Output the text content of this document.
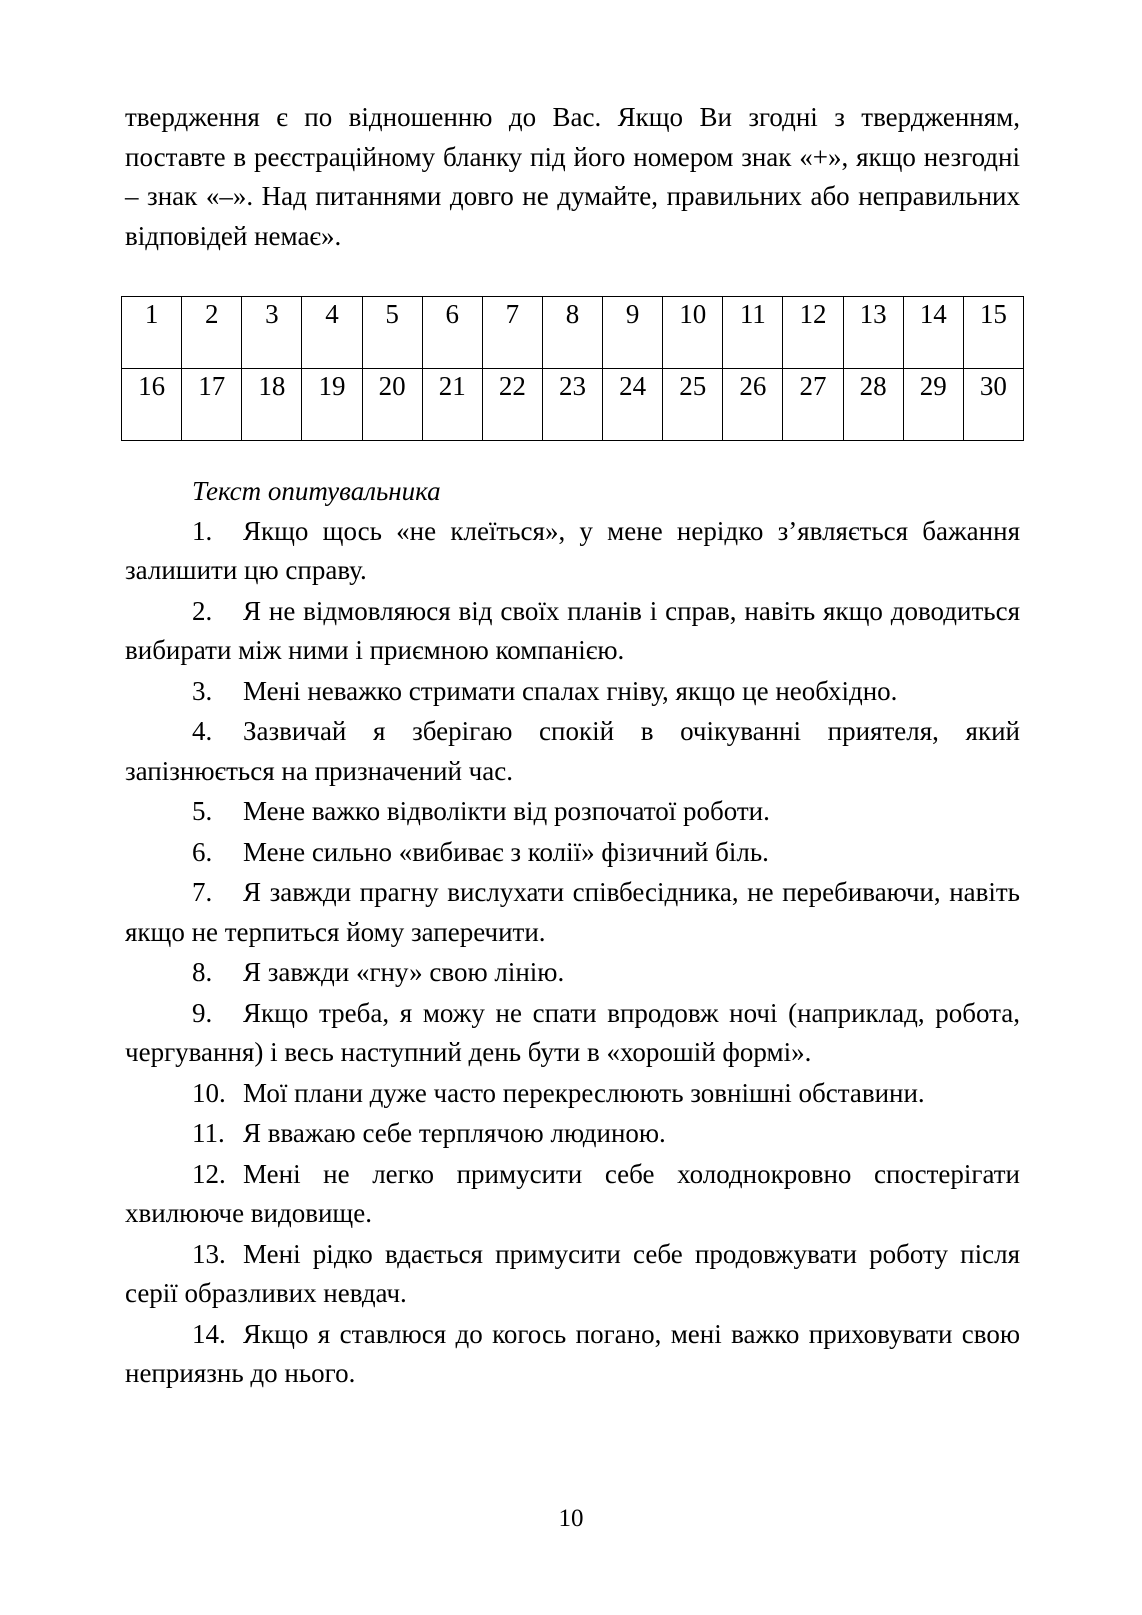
твердження є по відношенню до Вас. Якщо Ви згодні з твердженням, поставте в реєстраційному бланку під його номером знак «+», якщо незгодні – знак «–». Над питаннями довго не думайте, правильних або неправильних відповідей немає».

1	2	3	4	5	6	7	8	9	10	11	12	13	14	15
16	17	18	19	20	21	22	23	24	25	26	27	28	29	30

Текст опитувальника

1. Якщо щось «не клеїться», у мене нерідко з’являється бажання залишити цю справу.

2. Я не відмовляюся від своїх планів і справ, навіть якщо доводиться вибирати між ними і приємною компанією.

3. Мені неважко стримати спалах гніву, якщо це необхідно.

4. Зазвичай я зберігаю спокій в очікуванні приятеля, який запізнюється на призначений час.

5. Мене важко відволікти від розпочатої роботи.

6. Мене сильно «вибиває з колії» фізичний біль.

7. Я завжди прагну вислухати співбесідника, не перебиваючи, навіть якщо не терпиться йому заперечити.

8. Я завжди «гну» свою лінію.

9. Якщо треба, я можу не спати впродовж ночі (наприклад, робота, чергування) і весь наступний день бути в «хорошій формі».

10. Мої плани дуже часто перекреслюють зовнішні обставини.

11. Я вважаю себе терплячою людиною.

12. Мені не легко примусити себе холоднокровно спостерігати хвилююче видовище.

13. Мені рідко вдається примусити себе продовжувати роботу після серії образливих невдач.

14. Якщо я ставлюся до когось погано, мені важко приховувати свою неприязнь до нього.

10
